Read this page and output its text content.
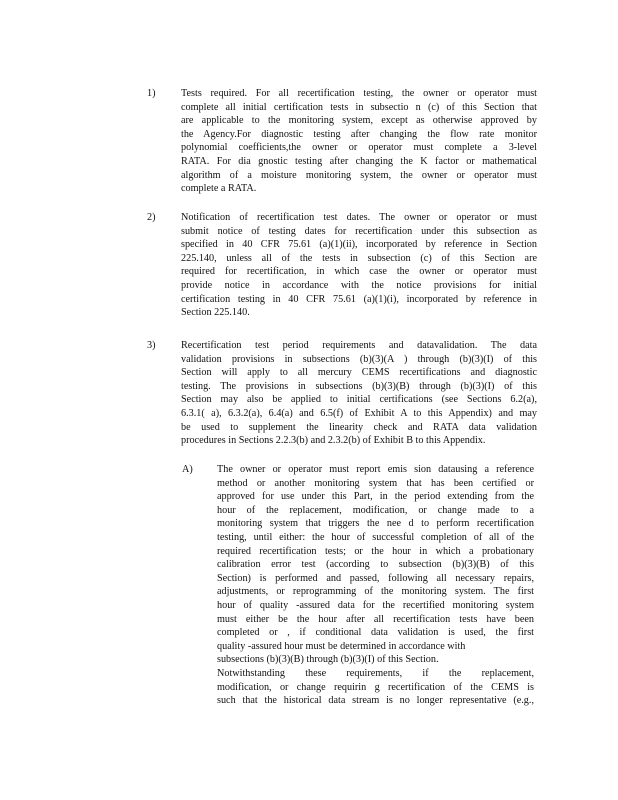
1)	Tests required. For all recertification testing, the owner or operator must
complete all initial certification tests in subsectio n (c) of this Section that
are applicable to the monitoring system, except as otherwise approved by
the Agency.For diagnostic testing after changing the flow rate monitor
polynomial coefficients,the owner or operator must complete a 3-level
RATA. For dia gnostic testing after changing the K factor or mathematical
algorithm of a moisture monitoring system, the owner or operator must
complete a RATA.
2)	Notification of recertification test dates. The owner or operator or must
submit notice of testing dates for recertification under this subsection as
specified in 40 CFR 75.61 (a)(1)(ii), incorporated by reference in Section
225.140, unless all of the tests in subsection (c) of this Section are
required for recertification, in which case the owner or operator must
provide notice in accordance with the notice provisions for initial
certification testing in 40 CFR 75.61 (a)(1)(i), incorporated by reference in
Section 225.140.
3)	Recertification test period requirements and datavalidation. The data
validation provisions in subsections (b)(3)(A ) through (b)(3)(I) of this
Section will apply to all mercury CEMS recertifications and diagnostic
testing. The provisions in subsections (b)(3)(B) through (b)(3)(I) of this
Section may also be applied to initial certifications (see Sections 6.2(a),
6.3.1( a), 6.3.2(a), 6.4(a) and 6.5(f) of Exhibit A to this Appendix) and may
be used to supplement the linearity check and RATA data validation
procedures in Sections 2.2.3(b) and 2.3.2(b) of Exhibit B to this Appendix.
A) The owner or operator must report emis sion datausing a reference
method or another monitoring system that has been certified or
approved for use under this Part, in the period extending from the
hour of the replacement, modification, or change made to a
monitoring system that triggers the nee d to perform recertification
testing, until either: the hour of successful completion of all of the
required recertification tests; or the hour in which a probationary
calibration error test (according to subsection (b)(3)(B) of this
Section) is performed and passed, following all necessary repairs,
adjustments, or reprogramming of the monitoring system. The first
hour of quality -assured data for the recertified monitoring system
must either be the hour after all recertification tests have been
completed or , if conditional data validation is used, the first
quality -assured hour must be determined in accordance with
subsections (b)(3)(B) through (b)(3)(I) of this Section.
Notwithstanding these requirements, if the replacement,
modification, or change requirin g recertification of the CEMS is
such that the historical data stream is no longer representative (e.g.,
